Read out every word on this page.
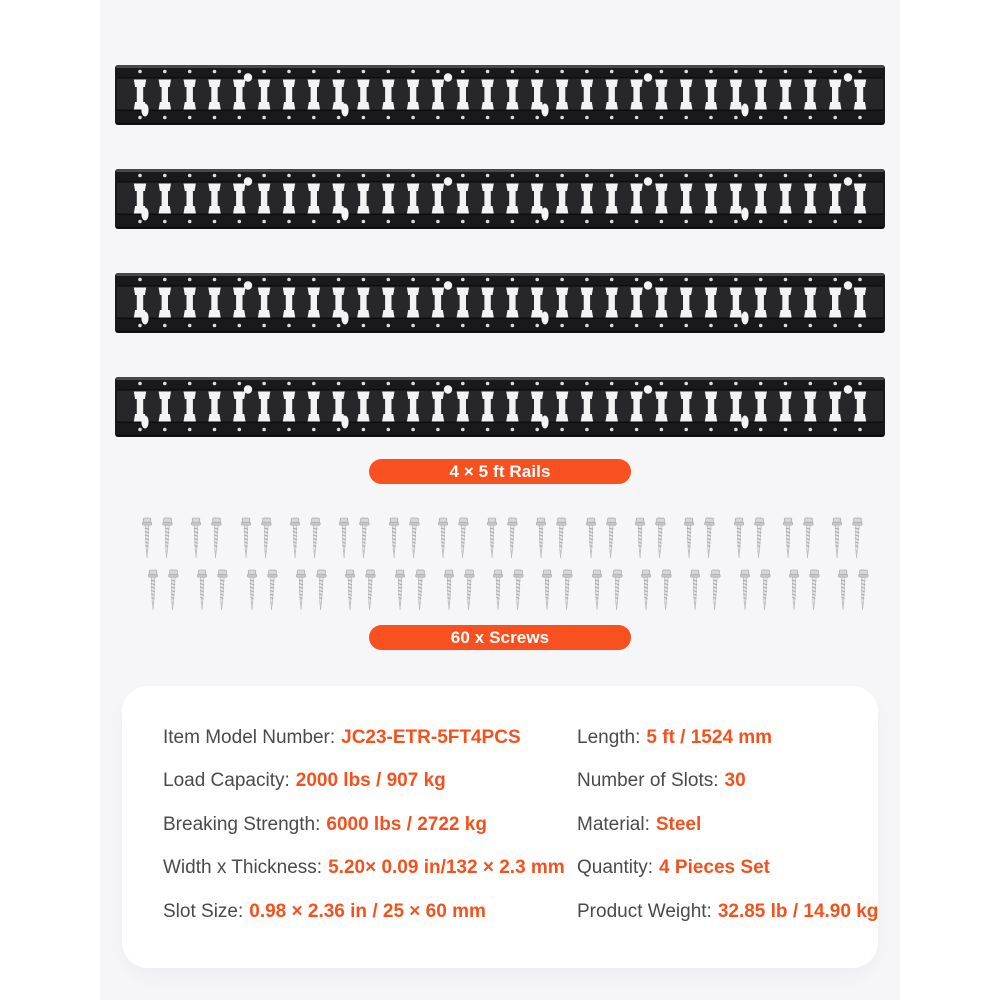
4 × 5 ft Rails
60 x Screws
Item Model Number: JC23-ETR-5FT4PCS
Load Capacity: 2000 lbs / 907 kg
Breaking Strength: 6000 lbs / 2722 kg
Width x Thickness: 5.20× 0.09 in/132 × 2.3 mm
Slot Size: 0.98 × 2.36 in / 25 × 60 mm
Length: 5 ft / 1524 mm
Number of Slots: 30
Material: Steel
Quantity: 4 Pieces Set
Product Weight: 32.85 lb / 14.90 kg
